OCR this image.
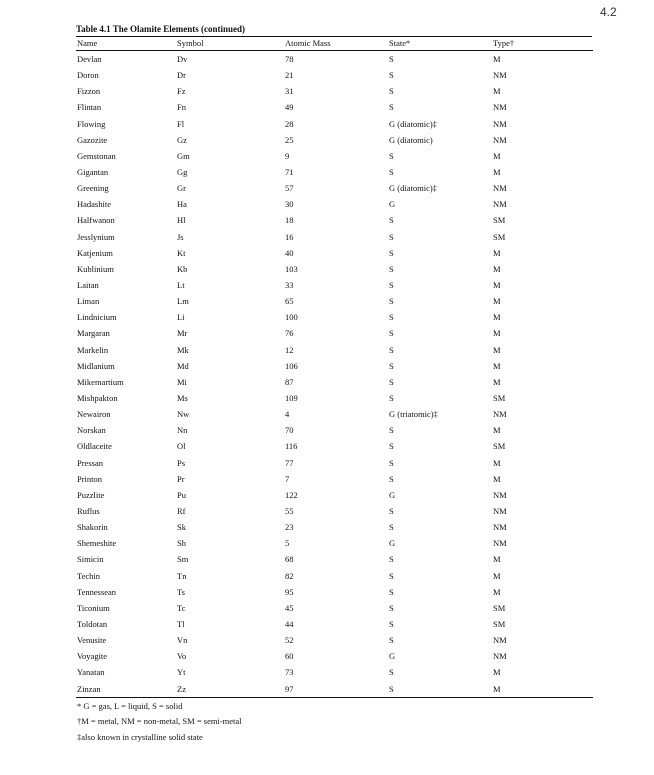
4.2
Table 4.1 The Olamite Elements (continued)
Name	Symbol	Atomic Mass	State*	Type†
Devlan	Dv	78	S	M
Doron	Dr	21	S	NM
Fizzon	Fz	31	S	M
Flintan	Fn	49	S	NM
Flowing	Fl	28	G (diatomic)‡	NM
Gazozite	Gz	25	G (diatomic)	NM
Gemstonan	Gm	9	S	M
Gigantan	Gg	71	S	M
Greening	Gr	57	G (diatomic)‡	NM
Hadashite	Ha	30	G	NM
Halfwanon	Hl	18	S	SM
Jesslynium	Js	16	S	SM
Katjenium	Kt	40	S	M
Kublinium	Kb	103	S	M
Laitan	Lt	33	S	M
Liman	Lm	65	S	M
Lindnicium	Li	100	S	M
Margaran	Mr	76	S	M
Markelin	Mk	12	S	M
Midlanium	Md	106	S	M
Mikemartium	Mi	87	S	M
Mishpakton	Ms	109	S	SM
Newairon	Nw	4	G (triatomic)‡	NM
Norskan	Nn	70	S	M
Oldlaceite	Ol	116	S	SM
Pressan	Ps	77	S	M
Printon	Pr	7	S	M
Puzzlite	Pu	122	G	NM
Ruflus	Rf	55	S	NM
Shakorin	Sk	23	S	NM
Shemeshite	Sh	5	G	NM
Simicin	Sm	68	S	M
Techin	Tn	82	S	M
Tennessean	Ts	95	S	M
Ticonium	Tc	45	S	SM
Toldotan	Tl	44	S	SM
Venusite	Vn	52	S	NM
Voyagite	Vo	60	G	NM
Yanatan	Yt	73	S	M
Zinzan	Zz	97	S	M
* G = gas, L = liquid, S = solid
†M = metal, NM = non-metal, SM = semi-metal
‡also known in crystalline solid state
